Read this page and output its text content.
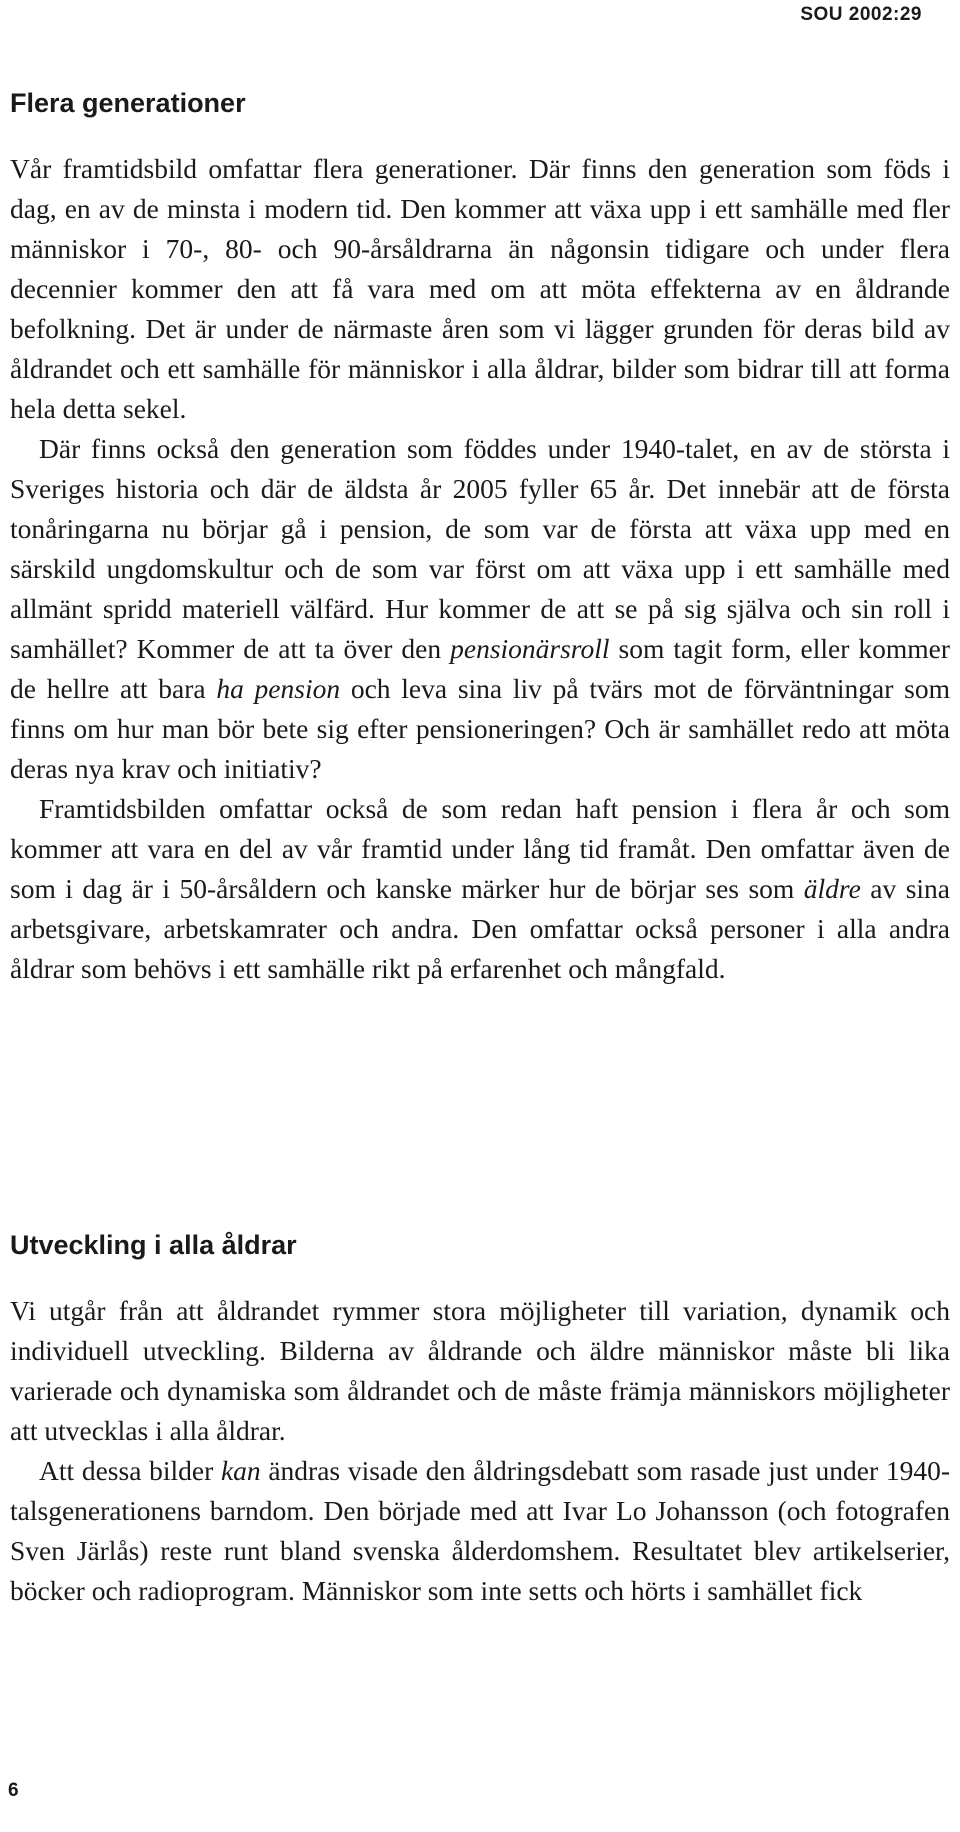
SOU 2002:29
Flera generationer

Vår framtidsbild omfattar flera generationer. Där finns den generation som föds i dag, en av de minsta i modern tid. Den kommer att växa upp i ett samhälle med fler människor i 70-, 80- och 90-årsåldrarna än någonsin tidigare och under flera decennier kommer den att få vara med om att möta effekterna av en åldrande befolkning. Det är under de närmaste åren som vi lägger grunden för deras bild av åldrandet och ett samhälle för människor i alla åldrar, bilder som bidrar till att forma hela detta sekel.

Där finns också den generation som föddes under 1940-talet, en av de största i Sveriges historia och där de äldsta år 2005 fyller 65 år. Det innebär att de första tonåringarna nu börjar gå i pension, de som var de första att växa upp med en särskild ungdomskultur och de som var först om att växa upp i ett samhälle med allmänt spridd materiell välfärd. Hur kommer de att se på sig själva och sin roll i samhället? Kommer de att ta över den pensionärsroll som tagit form, eller kommer de hellre att bara ha pension och leva sina liv på tvärs mot de förväntningar som finns om hur man bör bete sig efter pensioneringen? Och är samhället redo att möta deras nya krav och initiativ?

Framtidsbilden omfattar också de som redan haft pension i flera år och som kommer att vara en del av vår framtid under lång tid framåt. Den omfattar även de som i dag är i 50-årsåldern och kanske märker hur de börjar ses som äldre av sina arbetsgivare, arbetskamrater och andra. Den omfattar också personer i alla andra åldrar som behövs i ett samhälle rikt på erfarenhet och mångfald.

Utveckling i alla åldrar

Vi utgår från att åldrandet rymmer stora möjligheter till variation, dynamik och individuell utveckling. Bilderna av åldrande och äldre människor måste bli lika varierade och dynamiska som åldrandet och de måste främja människors möjligheter att utvecklas i alla åldrar.

Att dessa bilder kan ändras visade den åldringsdebatt som rasade just under 1940-talsgenerationens barndom. Den började med att Ivar Lo Johansson (och fotografen Sven Järlås) reste runt bland svenska ålderdomshem. Resultatet blev artikelserier, böcker och radioprogram. Människor som inte setts och hörts i samhället fick

6
